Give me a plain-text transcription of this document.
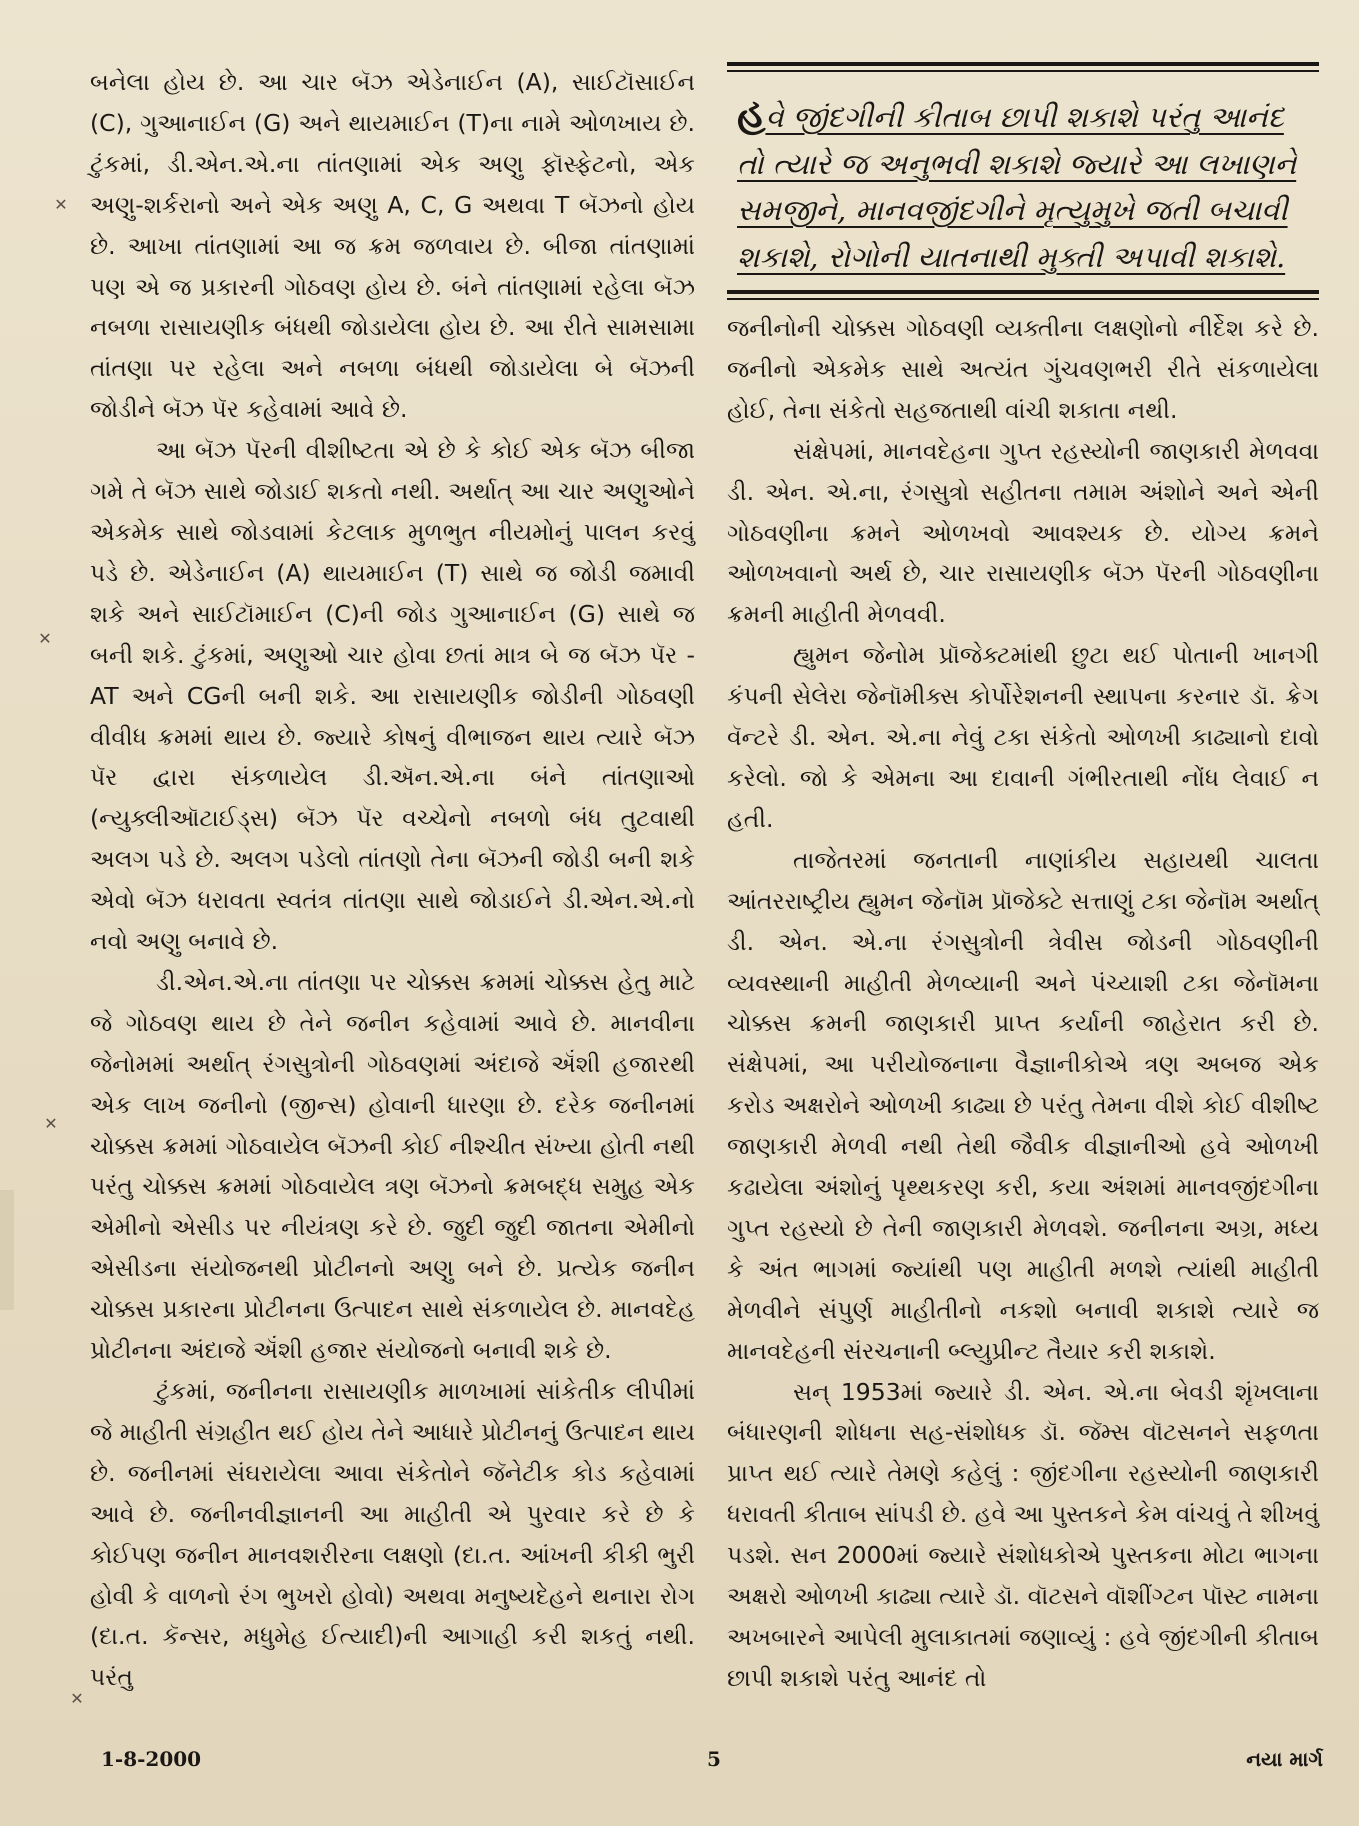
✕
✕
✕
✕

બનેલા હોય છે. આ ચાર બૅઝ એડેનાઈન (A), સાઈટૉસાઈન (C), ગુઆનાઈન (G) અને થાયમાઈન (T)ના નામે ઓળખાય છે. ટુંકમાં, ડી.એન.એ.ના તાંતણામાં એક અણુ ફૉસ્ફેટનો, એક અણુ-શર્કરાનો અને એક અણુ A, C, G અથવા T બૅઝનો હોય છે. આખા તાંતણામાં આ જ ક્રમ જળવાય છે. બીજા તાંતણામાં પણ એ જ પ્રકારની ગોઠવણ હોય છે. બંને તાંતણામાં રહેલા બૅઝ નબળા રાસાયણીક બંધથી જોડાયેલા હોય છે. આ રીતે સામસામા તાંતણા પર રહેલા અને નબળા બંધથી જોડાયેલા બે બૅઝની જોડીને બૅઝ પૅર કહેવામાં આવે છે.

આ બૅઝ પૅરની વીશીષ્ટતા એ છે કે કોઈ એક બૅઝ બીજા ગમે તે બૅઝ સાથે જોડાઈ શકતો નથી. અર્થાત્ આ ચાર અણુઓને એકમેક સાથે જોડવામાં કેટલાક મુળભુત નીયમોનું પાલન કરવું પડે છે. એડેનાઈન (A) થાયમાઈન (T) સાથે જ જોડી જમાવી શકે અને સાઈટૉમાઈન (C)ની જોડ ગુઆનાઈન (G) સાથે જ બની શકે. ટુંકમાં, અણુઓ ચાર હોવા છતાં માત્ર બે જ બૅઝ પૅર - AT અને CGની બની શકે. આ રાસાયણીક જોડીની ગોઠવણી વીવીધ ક્રમમાં થાય છે. જ્યારે કોષનું વીભાજન થાય ત્યારે બૅઝ પૅર દ્વારા સંકળાયેલ ડી.ઍન.એ.ના બંને તાંતણાઓ (ન્યુક્લીઑટાઈડ્સ) બૅઝ પૅર વચ્ચેનો નબળો બંધ તુટવાથી અલગ પડે છે. અલગ પડેલો તાંતણો તેના બૅઝની જોડી બની શકે એવો બૅઝ ધરાવતા સ્વતંત્ર તાંતણા સાથે જોડાઈને ડી.એન.એ.નો નવો અણુ બનાવે છે.

ડી.એન.એ.ના તાંતણા પર ચોક્કસ ક્રમમાં ચોક્કસ હેતુ માટે જે ગોઠવણ થાય છે તેને જનીન કહેવામાં આવે છે. માનવીના જેનોમમાં અર્થાત્ રંગસુત્રોની ગોઠવણમાં અંદાજે ઍંશી હજારથી એક લાખ જનીનો (જીન્સ) હોવાની ધારણા છે. દરેક જનીનમાં ચોક્કસ ક્રમમાં ગોઠવાયેલ બૅઝની કોઈ નીશ્ચીત સંખ્યા હોતી નથી પરંતુ ચોક્કસ ક્રમમાં ગોઠવાયેલ ત્રણ બૅઝનો ક્રમબદ્ધ સમુહ એક એમીનો એસીડ પર નીયંત્રણ કરે છે. જુદી જુદી જાતના એમીનો એસીડના સંયોજનથી પ્રોટીનનો અણુ બને છે. પ્રત્યેક જનીન ચોક્કસ પ્રકારના પ્રોટીનના ઉત્પાદન સાથે સંકળાયેલ છે. માનવદેહ પ્રોટીનના અંદાજે ઍંશી હજાર સંયોજનો બનાવી શકે છે.

ટુંકમાં, જનીનના રાસાયણીક માળખામાં સાંકેતીક લીપીમાં જે માહીતી સંગ્રહીત થઈ હોય તેને આધારે પ્રોટીનનું ઉત્પાદન થાય છે. જનીનમાં સંઘરાયેલા આવા સંકેતોને જૅનેટીક કોડ કહેવામાં આવે છે. જનીનવીજ્ઞાનની આ માહીતી એ પુરવાર કરે છે કે કોઈપણ જનીન માનવશરીરના લક્ષણો (દા.ત. આંખની કીકી ભુરી હોવી કે વાળનો રંગ ભુખરો હોવો) અથવા મનુષ્યદેહને થનારા રોગ (દા.ત. કૅન્સર, મધુમેહ ઈત્યાદી)ની આગાહી કરી શકતું નથી. પરંતુ

હવે જીંદગીની કીતાબ છાપી શકાશે પરંતુ આનંદ તો ત્યારે જ અનુભવી શકાશે જ્યારે આ લખાણને સમજીને, માનવજીંદગીને મૃત્યુમુખે જતી બચાવી શકાશે, રોગોની યાતનાથી મુક્તી અપાવી શકાશે.

જનીનોની ચોક્કસ ગોઠવણી વ્યક્તીના લક્ષણોનો નીર્દેશ કરે છે. જનીનો એકમેક સાથે અત્યંત ગુંચવણભરી રીતે સંકળાયેલા હોઈ, તેના સંકેતો સહજતાથી વાંચી શકાતા નથી.

સંક્ષેપમાં, માનવદેહના ગુપ્ત રહસ્યોની જાણકારી મેળવવા ડી. એન. એ.ના, રંગસુત્રો સહીતના તમામ અંશોને અને એની ગોઠવણીના ક્રમને ઓળખવો આવશ્યક છે. યોગ્ય ક્રમને ઓળખવાનો અર્થ છે, ચાર રાસાયણીક બૅઝ પૅરની ગોઠવણીના ક્રમની માહીતી મેળવવી.

હ્યુમન જેનોમ પ્રૉજેક્ટમાંથી છુટા થઈ પોતાની ખાનગી કંપની સેલેરા જેનૉમીક્સ કોર્પોરેશનની સ્થાપના કરનાર ડૉ. ક્રેગ વૅન્ટરે ડી. એન. એ.ના નેવું ટકા સંકેતો ઓળખી કાઢ્યાનો દાવો કરેલો. જો કે એમના આ દાવાની ગંભીરતાથી નોંધ લેવાઈ ન હતી.

તાજેતરમાં જનતાની નાણાંકીય સહાયથી ચાલતા આંતરરાષ્ટ્રીય હ્યુમન જેનૉમ પ્રૉજેક્ટે સત્તાણું ટકા જેનૉમ અર્થાત્ ડી. એન. એ.ના રંગસુત્રોની ત્રેવીસ જોડની ગોઠવણીની વ્યવસ્થાની માહીતી મેળવ્યાની અને પંચ્યાશી ટકા જેનૉમના ચોક્કસ ક્રમની જાણકારી પ્રાપ્ત કર્યાની જાહેરાત કરી છે. સંક્ષેપમાં, આ પરીયોજનાના વૈજ્ઞાનીકોએ ત્રણ અબજ એક કરોડ અક્ષરોને ઓળખી કાઢ્યા છે પરંતુ તેમના વીશે કોઈ વીશીષ્ટ જાણકારી મેળવી નથી તેથી જૈવીક વીજ્ઞાનીઓ હવે ઓળખી કઢાયેલા અંશોનું પૃથ્થકરણ કરી, કયા અંશમાં માનવજીંદગીના ગુપ્ત રહસ્યો છે તેની જાણકારી મેળવશે. જનીનના અગ્ર, મધ્ય કે અંત ભાગમાં જ્યાંથી પણ માહીતી મળશે ત્યાંથી માહીતી મેળવીને સંપુર્ણ માહીતીનો નકશો બનાવી શકાશે ત્યારે જ માનવદેહની સંરચનાની બ્લ્યુપ્રીન્ટ તૈયાર કરી શકાશે.

સન્ 1953માં જ્યારે ડી. એન. એ.ના બેવડી શૃંખલાના બંધારણની શોધના સહ-સંશોધક ડૉ. જૅમ્સ વૉટસનને સફળતા પ્રાપ્ત થઈ ત્યારે તેમણે કહેલું : જીંદગીના રહસ્યોની જાણકારી ધરાવતી કીતાબ સાંપડી છે. હવે આ પુસ્તકને કેમ વાંચવું તે શીખવું પડશે. સન 2000માં જ્યારે સંશોધકોએ પુસ્તકના મોટા ભાગના અક્ષરો ઓળખી કાઢ્યા ત્યારે ડૉ. વૉટસને વૉશીંગ્ટન પૉસ્ટ નામના અખબારને આપેલી મુલાકાતમાં જણાવ્યું : હવે જીંદગીની કીતાબ છાપી શકાશે પરંતુ આનંદ તો

1-8-2000	5	નયા માર્ગ
